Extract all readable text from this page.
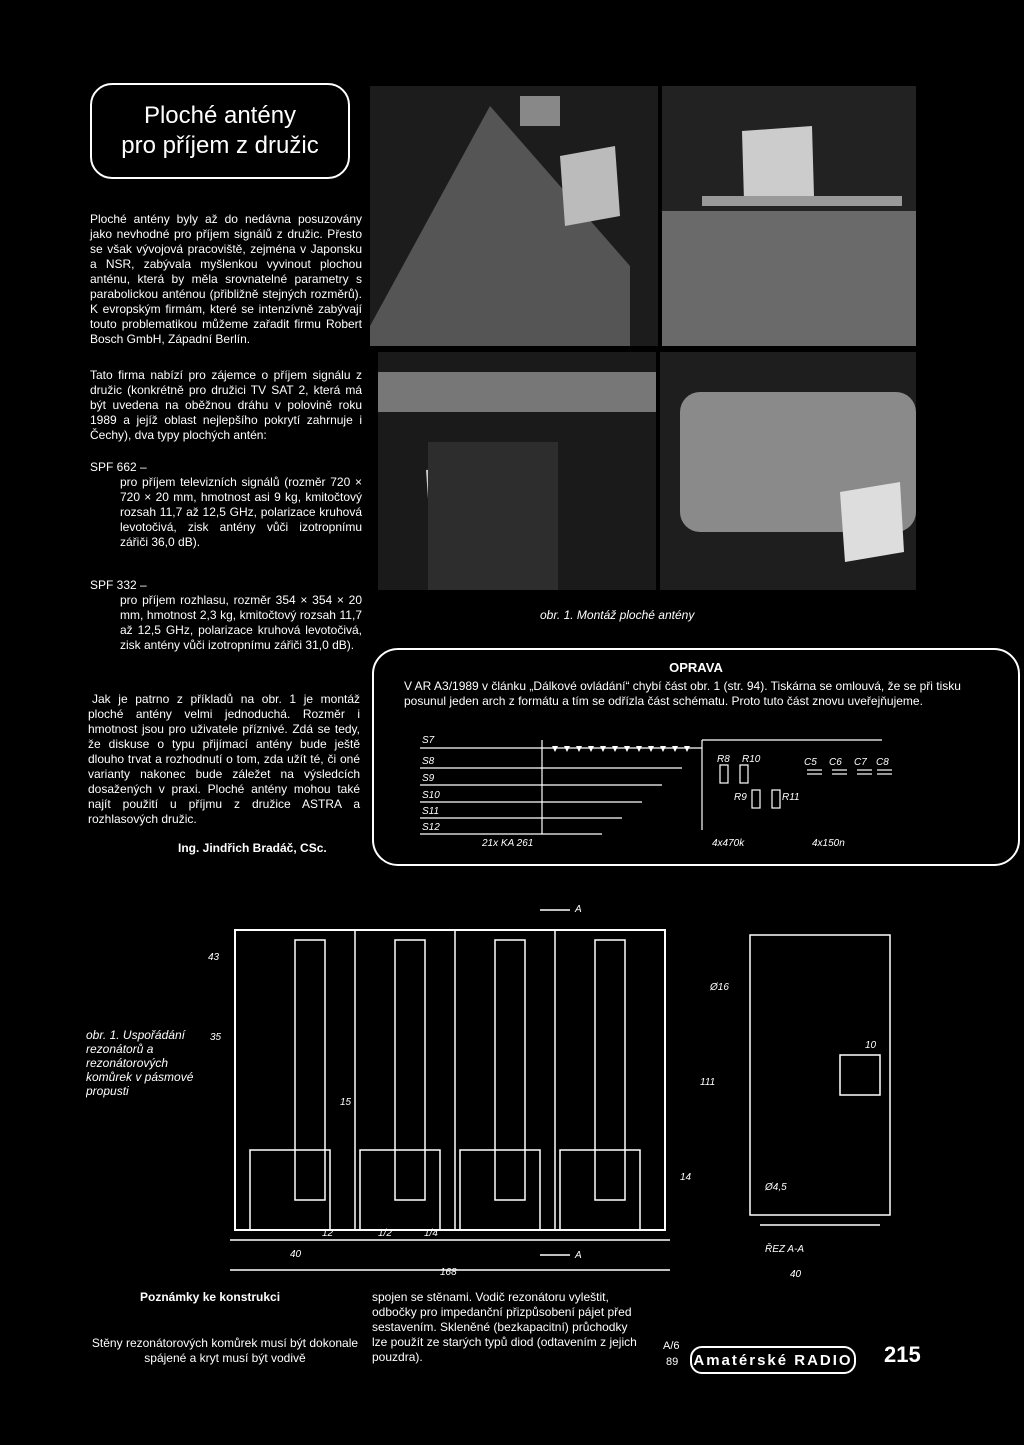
Ploché antény
pro příjem z družic
Ploché antény byly až do nedávna posuzovány jako nevhodné pro příjem signálů z družic. Přesto se však vývojová pracoviště, zejména v Japonsku a NSR, zabývala myšlenkou vyvinout plochou anténu, která by měla srovnatelné parametry s parabolickou anténou (přibližně stejných rozměrů). K evropským firmám, které se intenzívně zabývají touto problematikou můžeme zařadit firmu Robert Bosch GmbH, Západní Berlín.
Tato firma nabízí pro zájemce o příjem signálu z družic (konkrétně pro družici TV SAT 2, která má být uvedena na oběžnou dráhu v polovině roku 1989 a jejíž oblast nejlepšího pokrytí zahrnuje i Čechy), dva typy plochých antén:
SPF 662 –
pro příjem televizních signálů (rozměr 720 × 720 × 20 mm, hmotnost asi 9 kg, kmitočtový rozsah 11,7 až 12,5 GHz, polarizace kruhová levotočivá, zisk antény vůči izotropnímu zářiči 36,0 dB).
SPF 332 –
pro příjem rozhlasu, rozměr 354 × 354 × 20 mm, hmotnost 2,3 kg, kmitočtový rozsah 11,7 až 12,5 GHz, polarizace kruhová levotočivá, zisk antény vůči izotropnímu zářiči 31,0 dB).
Jak je patrno z příkladů na obr. 1 je montáž ploché antény velmi jednoduchá. Rozměr i hmotnost jsou pro uživatele příznivé. Zdá se tedy, že diskuse o typu přijímací antény bude ještě dlouho trvat a rozhodnutí o tom, zda užít té, či oné varianty nakonec bude záležet na výsledcích dosažených v praxi. Ploché antény mohou také najít použití u příjmu z družice ASTRA a rozhlasových družic.
Ing. Jindřich Bradáč, CSc.
obr. 1. Montáž ploché antény
OPRAVA

V AR A3/1989 v článku „Dálkové ovládání“ chybí část obr. 1 (str. 94). Tiskárna se omlouvá, že se při tisku posunul jeden arch z formátu a tím se odřízla část schématu. Proto tuto část znovu uveřejňujeme.

S7
S8
S9
S10
S11
S12
R8 R10
R9	R11
C5 C6 C7 C8
21x KA 261	4x470k	4x150n
43
15
111
14
35
12	1/2	1/4
40
168
10
40
Ø16
Ø4,5
A
A
ŘEZ A-A
obr. 1. Uspořádání rezonátorů a rezonátorových komůrek v pásmové propusti
Poznámky ke konstrukci
Stěny rezonátorových komůrek musí být dokonale spájené a kryt musí být vodivě
spojen se stěnami. Vodič rezonátoru vyleštit, odbočky pro impedanční přizpůsobení pájet před sestavením. Skleněné (bezkapacitní) průchodky lze použít ze starých typů diod (odtavením z jejich pouzdra).
A/6
89 Amatérské RADIO 215
